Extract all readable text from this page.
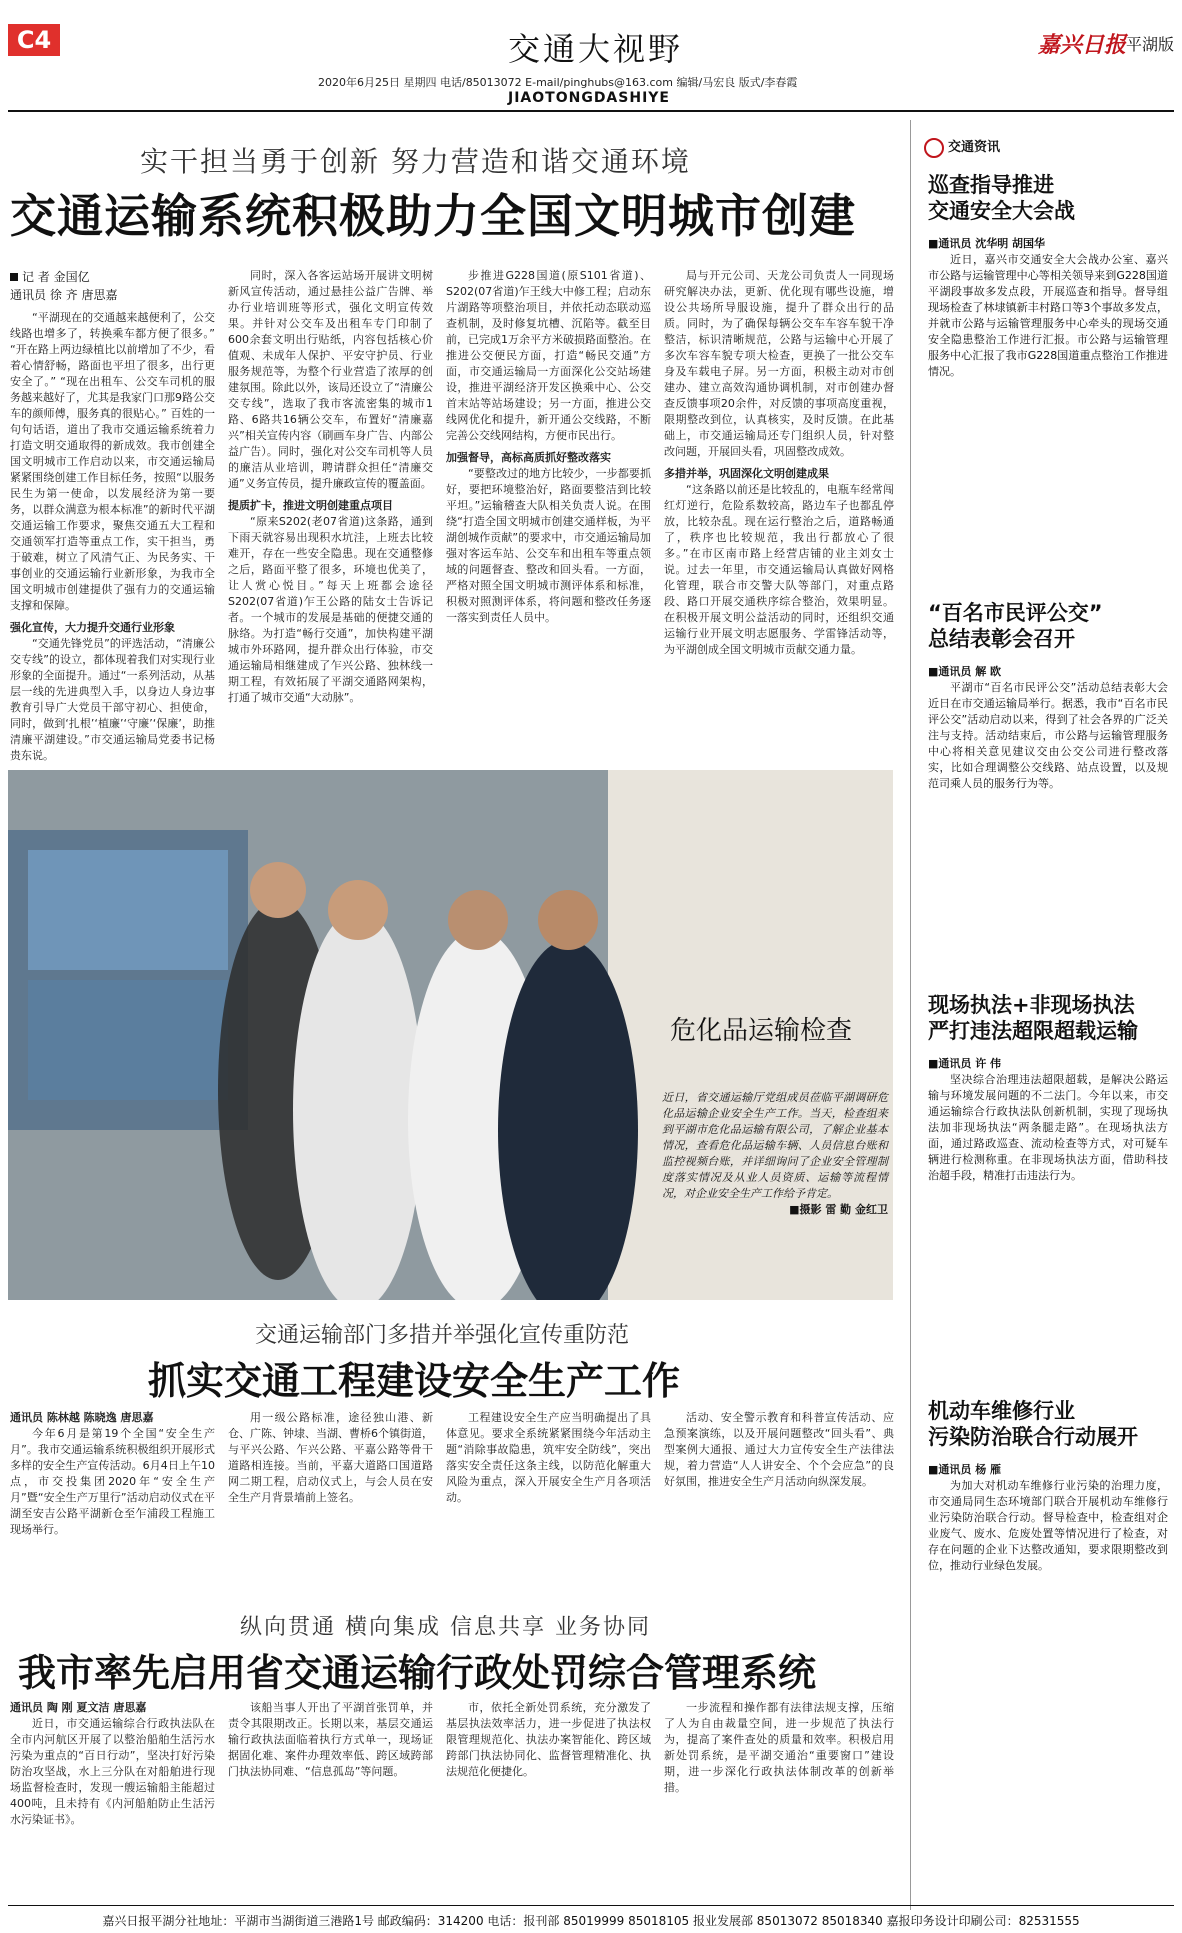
C4	交通大视野	嘉兴日报 平湖版
2020年6月25日 星期四 电话/85013072 E-mail/pinghubs@163.com 编辑/马宏良 版式/李春霞
JIAOTONGDASHIYE
实干担当勇于创新 努力营造和谐交通环境
交通运输系统积极助力全国文明城市创建
记 者 金国亿
通讯员 徐 齐 唐思嘉

“平湖现在的交通越来越便利了，公交线路也增多了，转换乘车都方便了很多。” “开在路上两边绿植比以前增加了不少，看着心情舒畅，路面也平坦了很多，出行更安全了。” “现在出租车、公交车司机的服务越来越好了，尤其是我家门口那9路公交车的颜师傅，服务真的很贴心。” 百姓的一句句话语，道出了我市交通运输系统着力打造文明交通取得的新成效。我市创建全国文明城市工作启动以来，市交通运输局紧紧围绕创建工作目标任务，按照“以服务民生为第一使命，以发展经济为第一要务，以群众满意为根本标准”的新时代平湖交通运输工作要求，聚焦交通五大工程和交通领军打造等重点工作，实干担当，勇于破难，树立了风清气正、为民务实、干事创业的交通运输行业新形象，为我市全国文明城市创建提供了强有力的交通运输支撑和保障。

强化宣传，大力提升交通行业形象

“交通先锋党员”的评选活动，“清廉公交专线”的设立，都体现着我们对实现行业形象的全面提升。通过“一系列活动，从基层一线的先进典型入手，以身边人身边事教育引导广大党员干部守初心、担使命，同时，做到‘扎根’‘植廉’‘守廉’‘保廉’，助推清廉平湖建设。”市交通运输局党委书记杨贵东说。

同时，深入各客运站场开展讲文明树新风宣传活动，通过悬挂公益广告牌、举办行业培训班等形式，强化文明宣传效果。并针对公交车及出租车专门印制了600余套文明出行贴纸，内容包括核心价值观、未成年人保护、平安守护员、行业服务规范等，为整个行业营造了浓厚的创建氛围。除此以外，该局还设立了“清廉公交专线”，选取了我市客流密集的城市1路、6路共16辆公交车，布置好“清廉嘉兴”相关宣传内容（刷画车身广告、内部公益广告）。同时，强化对公交车司机等人员的廉洁从业培训，聘请群众担任“清廉交通”义务宣传员，提升廉政宣传的覆盖面。

提质扩卡，推进文明创建重点项目

“原来S202(老07省道)这条路，通到下雨天就容易出现积水坑洼，上班去比较难开，存在一些安全隐患。现在交通整修之后，路面平整了很多，环境也优美了，让人赏心悦目。”每天上班都会途径S202(07省道)乍王公路的陆女士告诉记者。一个城市的发展是基础的便捷交通的脉络。为打造“畅行交通”，加快构建平湖城市外环路网，提升群众出行体验，市交通运输局相继建成了乍兴公路、独林线一期工程，有效拓展了平湖交通路网架构，打通了城市交通“大动脉”。

步推进G228国道(原S101省道)、S202(07省道)乍王线大中修工程；启动东片湖路等项整治项目，并依托动态联动巡查机制，及时修复坑槽、沉陷等。截至目前，已完成1万余平方米破损路面整治。在推进公交便民方面，打造“畅民交通”方面，市交通运输局一方面深化公交站场建设，推进平湖经济开发区换乘中心、公交首末站等站场建设；另一方面，推进公交线网优化和提升，新开通公交线路，不断完善公交线网结构，方便市民出行。

加强督导，高标高质抓好整改落实

“要整改过的地方比较少，一步都要抓好，要把环境整治好，路面要整洁到比较平坦。”运输稽查大队相关负责人说。在围绕“打造全国文明城市创建交通样板，为平湖创城作贡献”的要求中，市交通运输局加强对客运车站、公交车和出租车等重点领域的问题督查、整改和回头看。一方面，严格对照全国文明城市测评体系和标准，积极对照测评体系，将问题和整改任务逐一落实到责任人员中。

局与开元公司、天龙公司负责人一同现场研究解决办法，更新、优化现有哪些设施，增设公共场所导服设施，提升了群众出行的品质。同时，为了确保每辆公交车车容车貌干净整洁，标识清晰规范，公路与运输中心开展了多次车容车貌专项大检查，更换了一批公交车身及车载电子屏。另一方面，积极主动对市创建办、建立高效沟通协调机制，对市创建办督查反馈事项20余件，对反馈的事项高度重视，限期整改到位，认真核实，及时反馈。在此基础上，市交通运输局还专门组织人员，针对整改问题，开展回头看，巩固整改成效。

多措并举，巩固深化文明创建成果

“这条路以前还是比较乱的，电瓶车经常闯红灯逆行，危险系数较高，路边车子也都乱停放，比较杂乱。现在运行整治之后，道路畅通了，秩序也比较规范，我出行都放心了很多。”在市区南市路上经营店铺的业主刘女士说。过去一年里，市交通运输局认真做好网格化管理，联合市交警大队等部门，对重点路段、路口开展交通秩序综合整治，效果明显。在积极开展文明公益活动的同时，还组织交通运输行业开展文明志愿服务、学雷锋活动等，为平湖创成全国文明城市贡献交通力量。

危化品运输检查
近日，省交通运输厅党组成员莅临平湖调研危化品运输企业安全生产工作。当天，检查组来到平湖市危化品运输有限公司，了解企业基本情况，查看危化品运输车辆、人员信息台账和监控视频台账，并详细询问了企业安全管理制度落实情况及从业人员资质、运输等流程情况，对企业安全生产工作给予肯定。
■摄影 雷 勤 金红卫
交通运输部门多措并举强化宣传重防范
抓实交通工程建设安全生产工作

通讯员 陈林越 陈晓逸 唐思嘉

今年6月是第19个全国“安全生产月”。我市交通运输系统积极组织开展形式多样的安全生产宣传活动。6月4日上午10点，市交投集团2020年“安全生产月”暨“安全生产万里行”活动启动仪式在平湖至安吉公路平湖新仓至乍浦段工程施工现场举行。

用一级公路标准，途径独山港、新仓、广陈、钟埭、当湖、曹桥6个镇街道，与平兴公路、乍兴公路、平嘉公路等骨干道路相连接。当前，平嘉大道路口国道路网二期工程，启动仪式上，与会人员在安全生产月背景墙前上签名。

工程建设安全生产应当明确提出了具体意见。要求全系统紧紧围绕今年活动主题“消除事故隐患，筑牢安全防线”，突出落实安全责任这条主线，以防范化解重大风险为重点，深入开展安全生产月各项活动。

活动、安全警示教育和科普宣传活动、应急预案演练，以及开展问题整改“回头看”、典型案例大通报、通过大力宣传安全生产法律法规，着力营造“人人讲安全、个个会应急”的良好氛围，推进安全生产月活动向纵深发展。

纵向贯通 横向集成 信息共享 业务协同
我市率先启用省交通运输行政处罚综合管理系统

通讯员 陶 刚 夏文洁 唐思嘉

近日，市交通运输综合行政执法队在全市内河航区开展了以整治船舶生活污水污染为重点的“百日行动”，坚决打好污染防治攻坚战，水上三分队在对船舶进行现场监督检查时，发现一艘运输船主能超过400吨，且未持有《内河船舶防止生活污水污染证书》。

该船当事人开出了平湖首张罚单，并责令其限期改正。长期以来，基层交通运输行政执法面临着执行方式单一，现场证据固化难、案件办理效率低、跨区域跨部门执法协同难、“信息孤岛”等问题。

市，依托全新处罚系统，充分激发了基层执法效率活力，进一步促进了执法权限管理规范化、执法办案智能化、跨区域跨部门执法协同化、监督管理精准化、执法规范化便捷化。

一步流程和操作都有法律法规支撑，压缩了人为自由裁量空间，进一步规范了执法行为，提高了案件查处的质量和效率。积极启用新处罚系统，是平湖交通治“重要窗口”建设期，进一步深化行政执法体制改革的创新举措。

交通资讯
巡查指导推进
交通安全大会战

■通讯员 沈华明 胡国华

近日，嘉兴市交通安全大会战办公室、嘉兴市公路与运输管理中心等相关领导来到G228国道平湖段事故多发点段，开展巡查和指导。督导组现场检查了林埭镇新丰村路口等3个事故多发点，并就市公路与运输管理服务中心牵头的现场交通安全隐患整治工作进行汇报。市公路与运输管理服务中心汇报了我市G228国道重点整治工作推进情况。

“百名市民评公交”
总结表彰会召开

■通讯员 解 欧

平湖市“百名市民评公交”活动总结表彰大会近日在市交通运输局举行。据悉，我市“百名市民评公交”活动启动以来，得到了社会各界的广泛关注与支持。活动结束后，市公路与运输管理服务中心将相关意见建议交由公交公司进行整改落实，比如合理调整公交线路、站点设置，以及规范司乘人员的服务行为等。

现场执法+非现场执法
严打违法超限超载运输

■通讯员 许 伟

坚决综合治理违法超限超载，是解决公路运输与环境发展问题的不二法门。今年以来，市交通运输综合行政执法队创新机制，实现了现场执法加非现场执法“两条腿走路”。在现场执法方面，通过路政巡查、流动检查等方式，对可疑车辆进行检测称重。在非现场执法方面，借助科技治超手段，精准打击违法行为。

机动车维修行业
污染防治联合行动展开

■通讯员 杨 雁

为加大对机动车维修行业污染的治理力度，市交通局同生态环境部门联合开展机动车维修行业污染防治联合行动。督导检查中，检查组对企业废气、废水、危废处置等情况进行了检查，对存在问题的企业下达整改通知，要求限期整改到位，推动行业绿色发展。

嘉兴日报平湖分社地址：平湖市当湖街道三港路1号 邮政编码：314200 电话：报刊部 85019999 85018105 报业发展部 85013072 85018340 嘉报印务设计印刷公司：82531555
